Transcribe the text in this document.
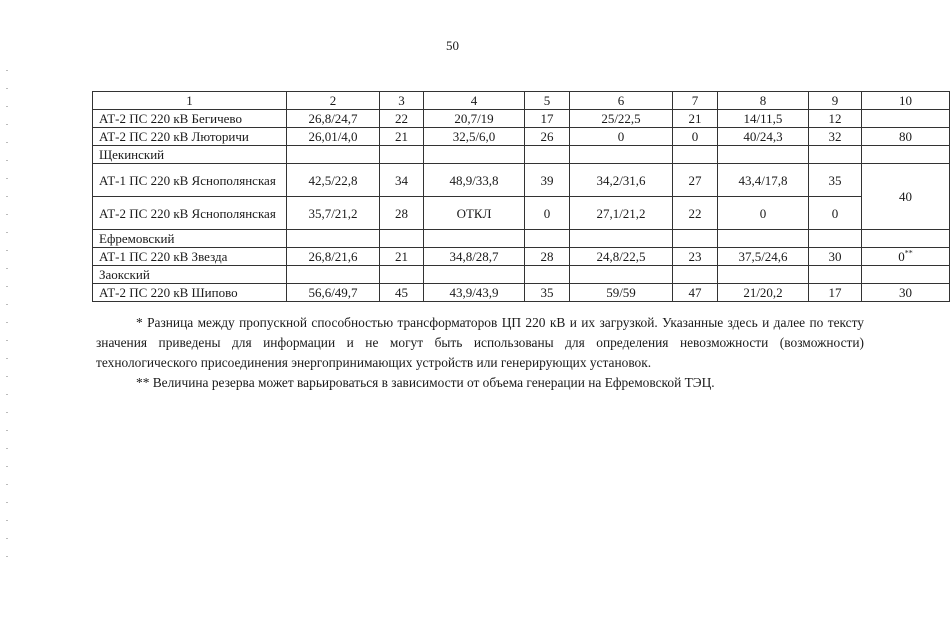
50
1	2	3	4	5	6	7	8	9	10
АТ-2 ПС 220 кВ Бегичево	26,8/24,7	22	20,7/19	17	25/22,5	21	14/11,5	12	
АТ-2 ПС 220 кВ Люторичи	26,01/4,0	21	32,5/6,0	26	0	0	40/24,3	32	80
Щекинский									
АТ-1 ПС 220 кВ Яснополянская	42,5/22,8	34	48,9/33,8	39	34,2/31,6	27	43,4/17,8	35	40
АТ-2 ПС 220 кВ Яснополянская	35,7/21,2	28	ОТКЛ	0	27,1/21,2	22	0	0	
Ефремовский									
АТ-1 ПС 220 кВ Звезда	26,8/21,6	21	34,8/28,7	28	24,8/22,5	23	37,5/24,6	30	0**
Заокский									
АТ-2 ПС 220 кВ Шипово	56,6/49,7	45	43,9/43,9	35	59/59	47	21/20,2	17	30

* Разница между пропускной способностью трансформаторов ЦП 220 кВ и их загрузкой. Указанные здесь и далее по тексту значения приведены для информации и не могут быть использованы для определения невозможности (возможности) технологического присоединения энергопринимающих устройств или генерирующих установок.

** Величина резерва может варьироваться в зависимости от объема генерации на Ефремовской ТЭЦ.
